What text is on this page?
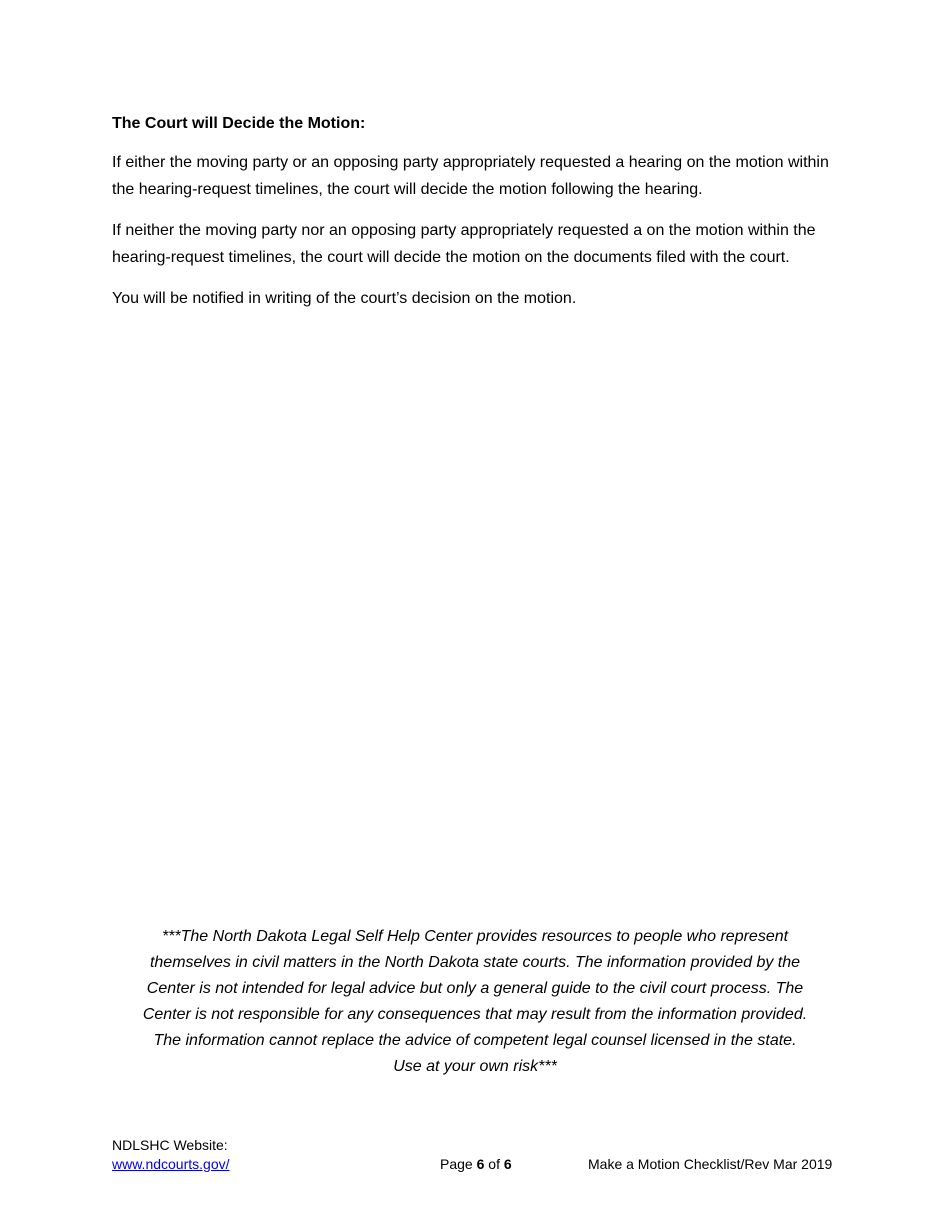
The Court will Decide the Motion:

If either the moving party or an opposing party appropriately requested a hearing on the motion within the hearing-request timelines, the court will decide the motion following the hearing.

If neither the moving party nor an opposing party appropriately requested a on the motion within the hearing-request timelines, the court will decide the motion on the documents filed with the court.

You will be notified in writing of the court’s decision on the motion.

***The North Dakota Legal Self Help Center provides resources to people who represent
themselves in civil matters in the North Dakota state courts. The information provided by the
Center is not intended for legal advice but only a general guide to the civil court process. The
Center is not responsible for any consequences that may result from the information provided.
The information cannot replace the advice of competent legal counsel licensed in the state.
Use at your own risk***

NDLSHC Website:
www.ndcourts.gov/	Page 6 of 6	Make a Motion Checklist/Rev Mar 2019
